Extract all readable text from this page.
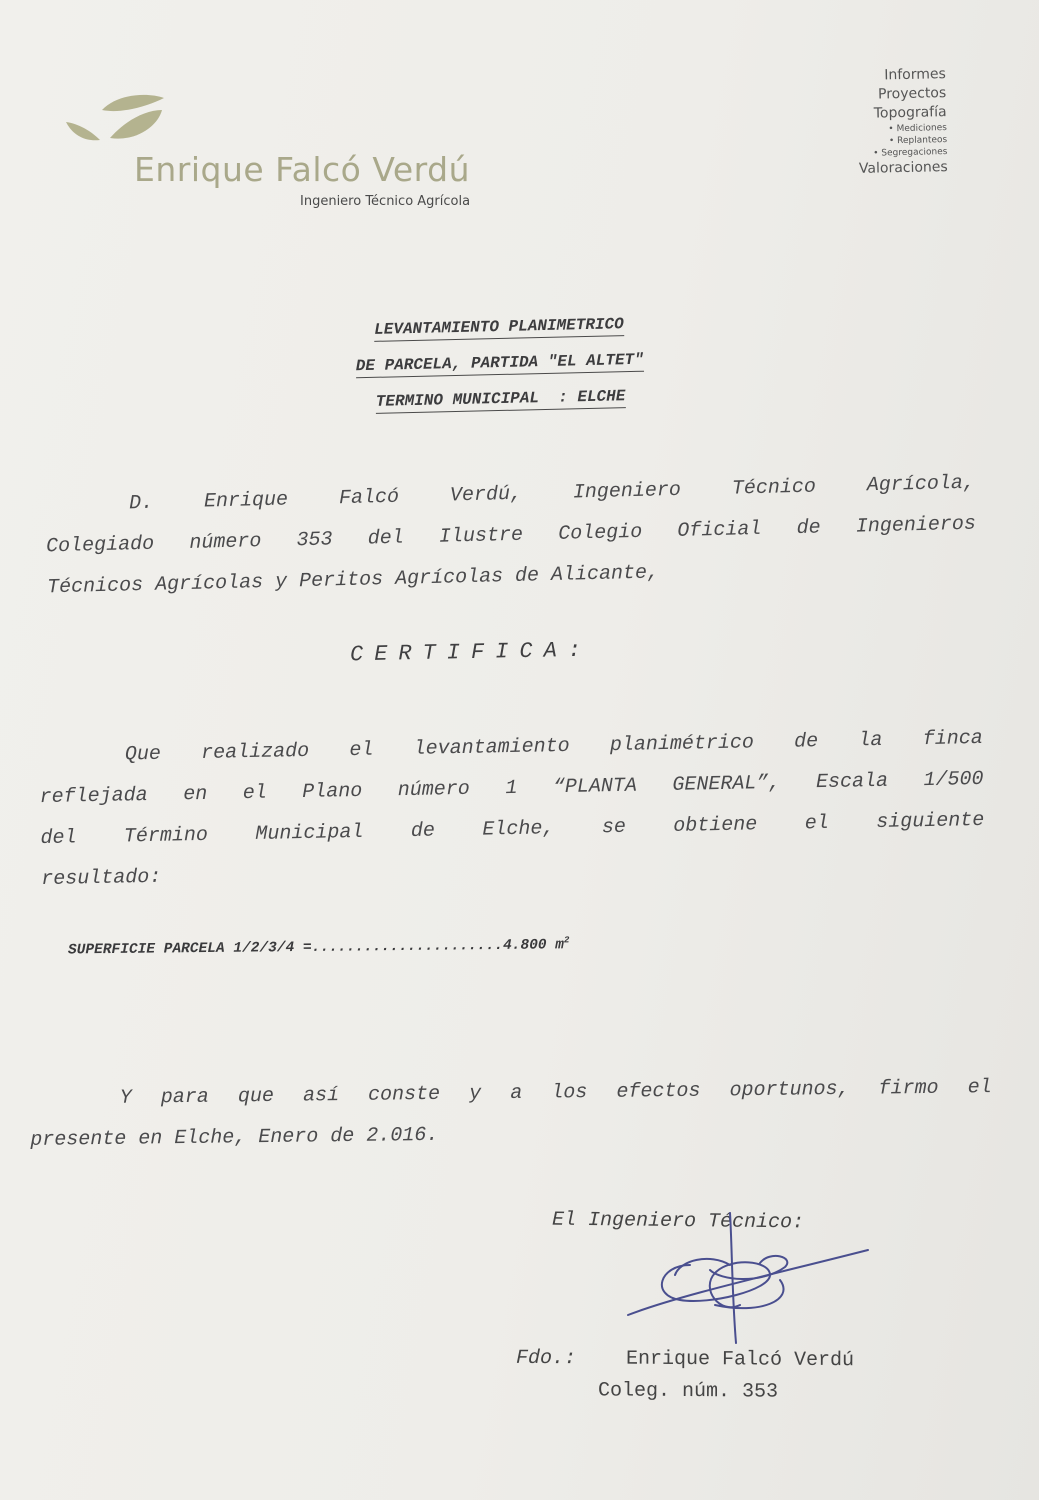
Enrique Falcó Verdú
Ingeniero Técnico Agrícola
Informes
Proyectos
Topografía
• Mediciones
• Replanteos
• Segregaciones
Valoraciones
LEVANTAMIENTO PLANIMETRICO
DE PARCELA, PARTIDA "EL ALTET"
TERMINO MUNICIPAL  : ELCHE
D. Enrique Falcó Verdú, Ingeniero Técnico Agrícola,
Colegiado número 353 del Ilustre Colegio Oficial de Ingenieros
Técnicos Agrícolas y Peritos Agrícolas de Alicante,
CERTIFICA:
Que realizado el levantamiento planimétrico de la finca
reflejada en el Plano número 1 “PLANTA GENERAL”, Escala 1/500
del Término Municipal de Elche, se obtiene el siguiente
resultado:
SUPERFICIE PARCELA 1/2/3/4 =......................4.800 $m^2$
Y para que así conste y a los efectos oportunos, firmo el
presente en Elche, Enero de 2.016.
El Ingeniero Técnico:
Fdo.: Enrique Falcó Verdú
Coleg. núm. 353
